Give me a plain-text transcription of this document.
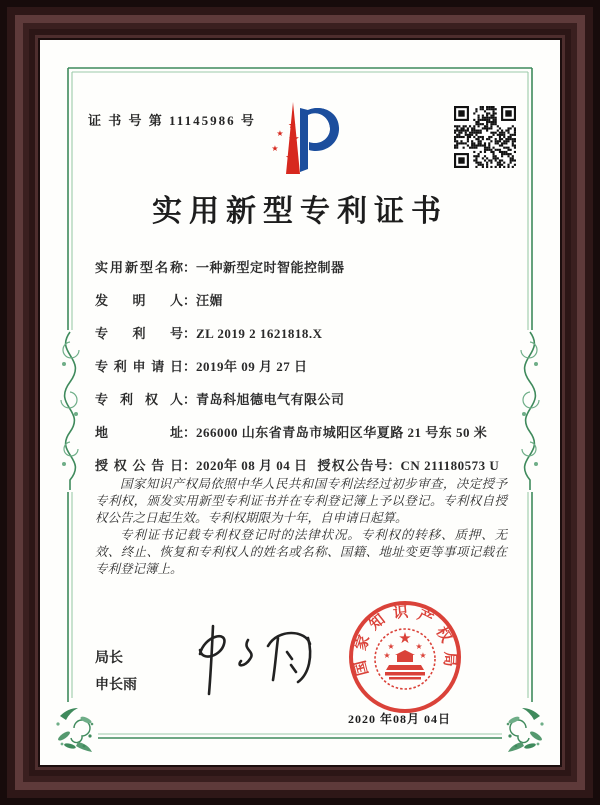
证 书 号 第 11145986 号	★
★ ★
★
★
实用新型专利证书
实用新型名称 ： 一种新型定时智能控制器
发明人 ： 汪媚
专利号 ： ZL 2019 2 1621818.X
专利申请日 ： 2019年 09 月 27 日
专利权人 ： 青岛科旭德电气有限公司
地址 ： 266000 山东省青岛市城阳区华夏路 21 号东 50 米
授权公告日 ： 2020年 08 月 04 日 授权公告号 ： CN 211180573 U

国家知识产权局依照中华人民共和国专利法经过初步审查，决定授予专利权，颁发实用新型专利证书并在专利登记簿上予以登记。专利权自授权公告之日起生效。专利权期限为十年，自申请日起算。

专利证书记载专利权登记时的法律状况。专利权的转移、质押、无效、终止、恢复和专利权人的姓名或名称、国籍、地址变更等事项记载在专利登记簿上。

局长
申长雨
国家知识产权局
★
★	★
★	★
2020 年08月 04日
